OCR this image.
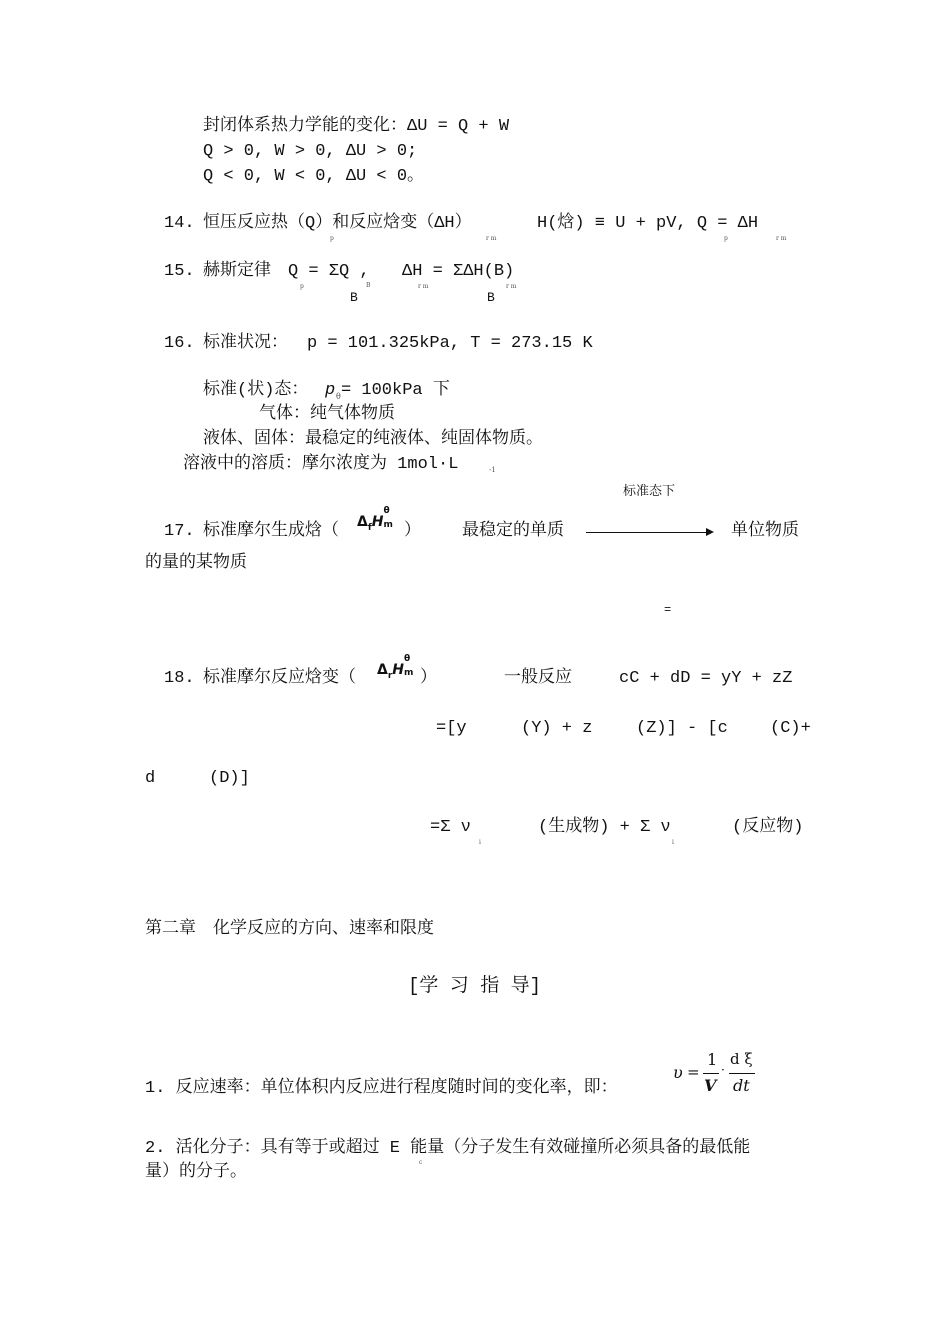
封闭体系热力学能的变化：ΔU = Q + W
Q > 0, W > 0, ΔU > 0;
Q < 0, W < 0, ΔU < 0。
14. 恒压反应热（Q）和反应焓变（ΔH）	H(焓) ≡ U + pV, Q = ΔH
p	r m	p	r m
15. 赫斯定律 Q = ΣQ , ΔH = ΣΔH(B)
p	B	r m	r m
B	B
16. 标准状况： p = 101.325kPa, T = 273.15 K
标准(状)态： p θ = 100kPa 下
气体：纯气体物质
液体、固体：最稳定的纯液体、纯固体物质。
溶液中的溶质：摩尔浓度为 1mol·L	-1
标准态下
17. 标准摩尔生成焓（ $\Delta_fH$
θ
m ） 最稳定的单质	单位物质
的量的某物质
=
18. 标准摩尔反应焓变（ $\Delta_rH$
θ
m ）	一般反应	cC + dD = yY + zZ
=[y	(Y) + z	(Z)] - [c (C)+
d	(D)]
=Σ ν
i
(生成物) + Σ ν
i
(反应物)
第二章　化学反应的方向、速率和限度
[学 习 指 导]
1. 反应速率：单位体积内反应进行程度随时间的变化率，即：
υ =
1
V
·
d ξ
dt
2. 活化分子：具有等于或超过 E 能量（分子发生有效碰撞所必须具备的最低能
c
量）的分子。
